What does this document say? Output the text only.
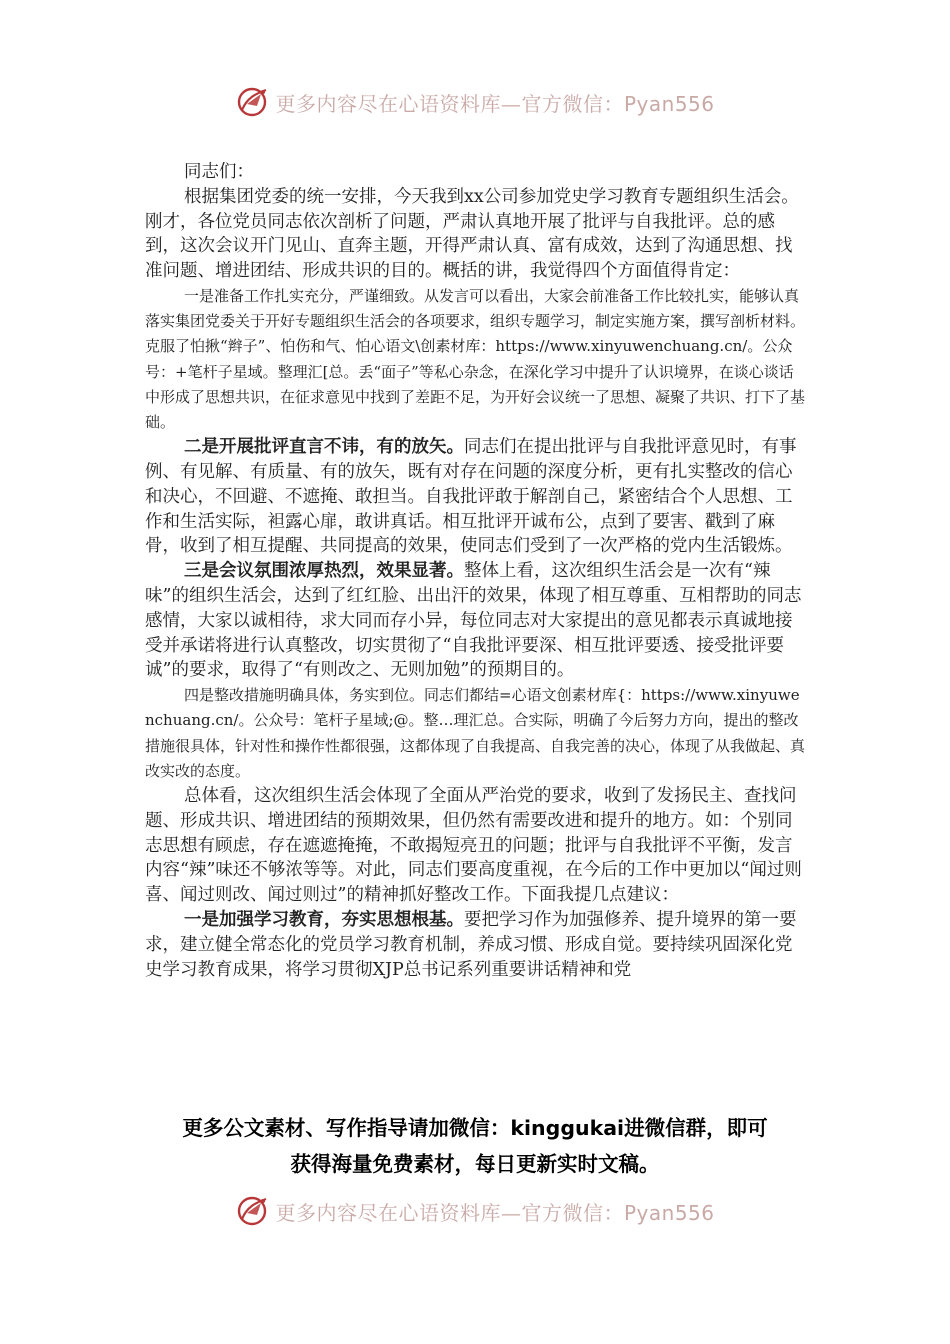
更多内容尽在心语资料库—官方微信：Pyan556

同志们：

根据集团党委的统一安排，今天我到xx公司参加党史学习教育专题组织生活会。刚才，各位党员同志依次剖析了问题，严肃认真地开展了批评与自我批评。总的感到，这次会议开门见山、直奔主题，开得严肃认真、富有成效，达到了沟通思想、找准问题、增进团结、形成共识的目的。概括的讲，我觉得四个方面值得肯定：

一是准备工作扎实充分，严谨细致。从发言可以看出，大家会前准备工作比较扎实，能够认真落实集团党委关于开好专题组织生活会的各项要求，组织专题学习，制定实施方案，撰写剖析材料。克服了怕揪“辫子”、怕伤和气、怕心语文\创素材库：https://www.xinyuwenchuang.cn/。公众号：+笔杆子星域。整理汇[总。丢“面子”等私心杂念，在深化学习中提升了认识境界，在谈心谈话中形成了思想共识，在征求意见中找到了差距不足，为开好会议统一了思想、凝聚了共识、打下了基础。

二是开展批评直言不讳，有的放矢。同志们在提出批评与自我批评意见时，有事例、有见解、有质量、有的放矢，既有对存在问题的深度分析，更有扎实整改的信心和决心，不回避、不遮掩、敢担当。自我批评敢于解剖自己，紧密结合个人思想、工作和生活实际，袒露心扉，敢讲真话。相互批评开诚布公，点到了要害、戳到了麻骨，收到了相互提醒、共同提高的效果，使同志们受到了一次严格的党内生活锻炼。

三是会议氛围浓厚热烈，效果显著。整体上看，这次组织生活会是一次有“辣味”的组织生活会，达到了红红脸、出出汗的效果，体现了相互尊重、互相帮助的同志感情，大家以诚相待，求大同而存小异，每位同志对大家提出的意见都表示真诚地接受并承诺将进行认真整改，切实贯彻了“自我批评要深、相互批评要透、接受批评要诚”的要求，取得了“有则改之、无则加勉”的预期目的。

四是整改措施明确具体，务实到位。同志们都结=心语文创素材库{：https://www.xinyuwenchuang.cn/。公众号：笔杆子星域;@。整…理汇总。合实际，明确了今后努力方向，提出的整改措施很具体，针对性和操作性都很强，这都体现了自我提高、自我完善的决心，体现了从我做起、真改实改的态度。

总体看，这次组织生活会体现了全面从严治党的要求，收到了发扬民主、查找问题、形成共识、增进团结的预期效果，但仍然有需要改进和提升的地方。如：个别同志思想有顾虑，存在遮遮掩掩，不敢揭短亮丑的问题；批评与自我批评不平衡，发言内容“辣”味还不够浓等等。对此，同志们要高度重视，在今后的工作中更加以“闻过则喜、闻过则改、闻过则过”的精神抓好整改工作。下面我提几点建议：

一是加强学习教育，夯实思想根基。要把学习作为加强修养、提升境界的第一要求，建立健全常态化的党员学习教育机制，养成习惯、形成自觉。要持续巩固深化党史学习教育成果，将学习贯彻XJP总书记系列重要讲话精神和党

更多公文素材、写作指导请加微信：kinggukai进微信群，即可
获得海量免费素材，每日更新实时文稿。
更多内容尽在心语资料库—官方微信：Pyan556
